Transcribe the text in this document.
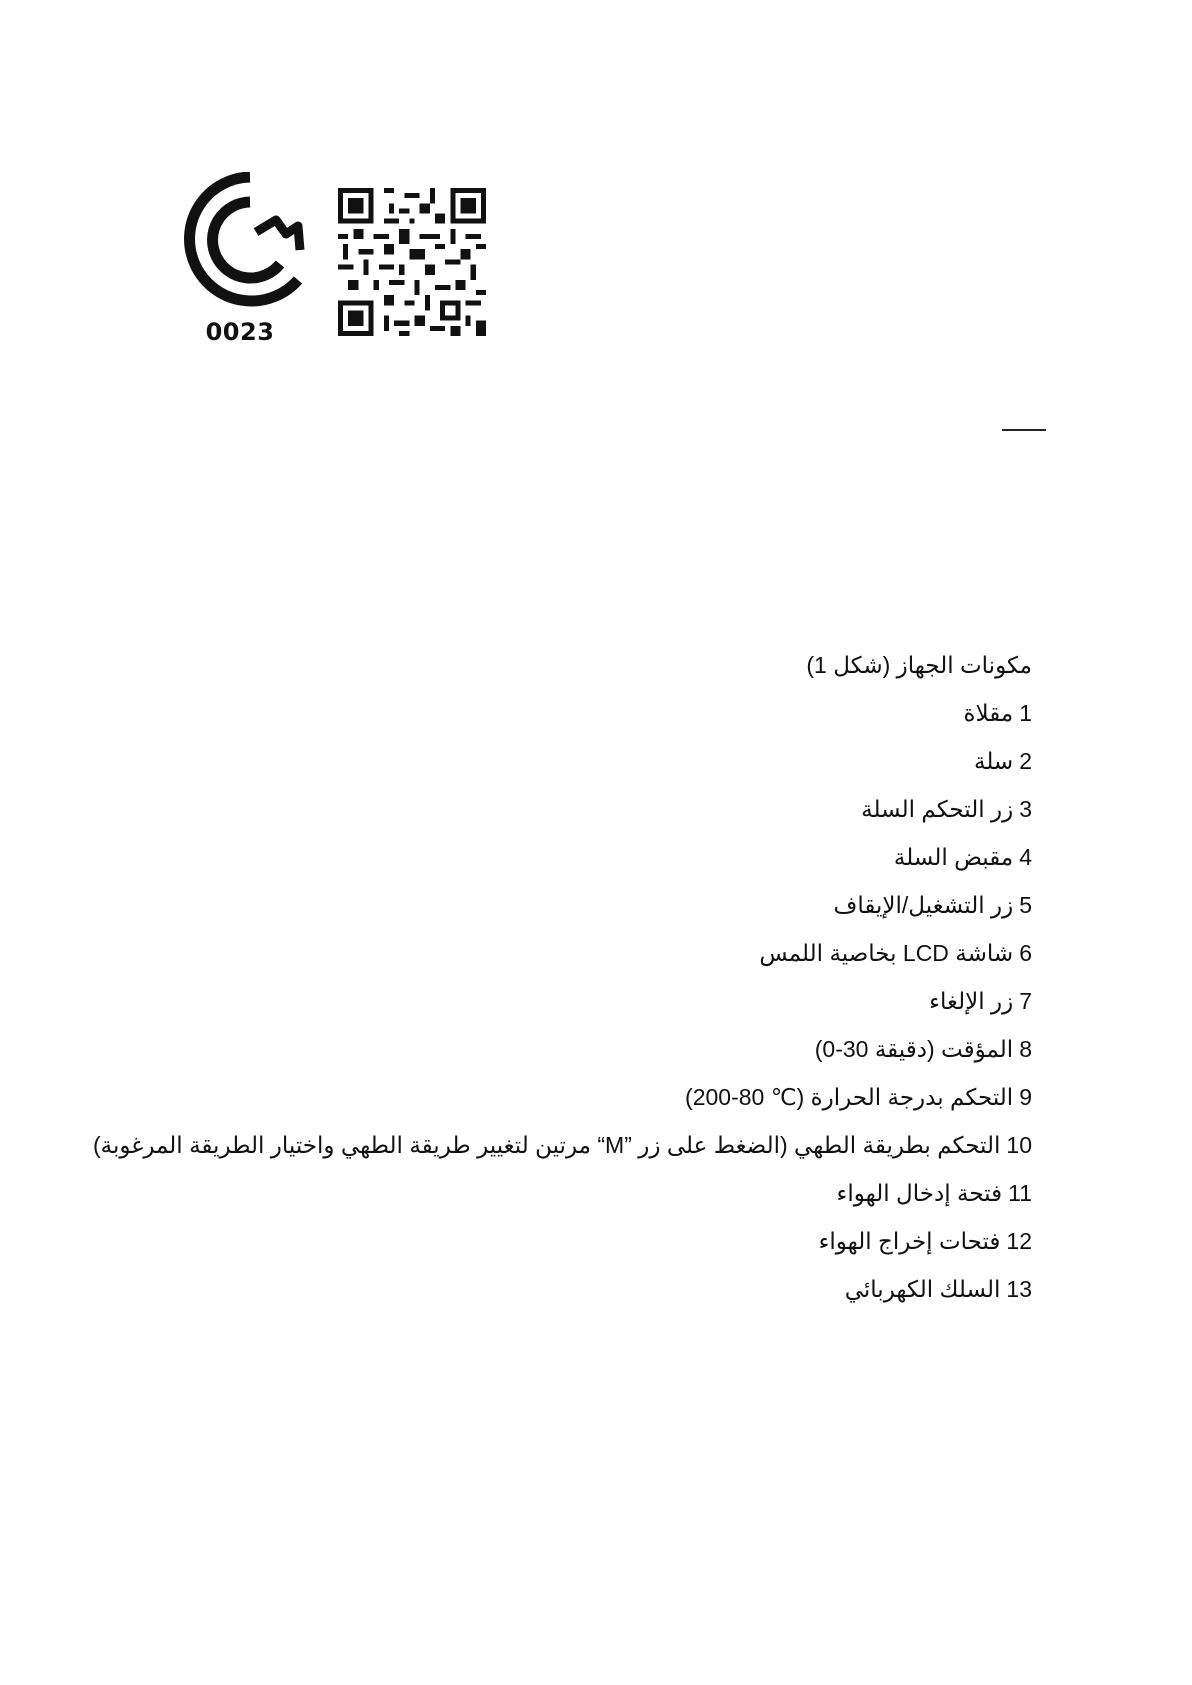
0023
مكونات الجهاز (شكل 1)
1مقلاة
2سلة
3زر التحكم السلة
4مقبض السلة
5زر التشغيل/الإيقاف
6شاشة LCD بخاصية اللمس
7زر الإلغاء
8المؤقت (دقيقة 30-0)
9التحكم بدرجة الحرارة (℃ 80-200)
10التحكم بطريقة الطهي (الضغط على زر ”M“ مرتين لتغيير طريقة الطهي واختيار الطريقة المرغوبة)
11فتحة إدخال الهواء
12فتحات إخراج الهواء
13السلك الكهربائي
